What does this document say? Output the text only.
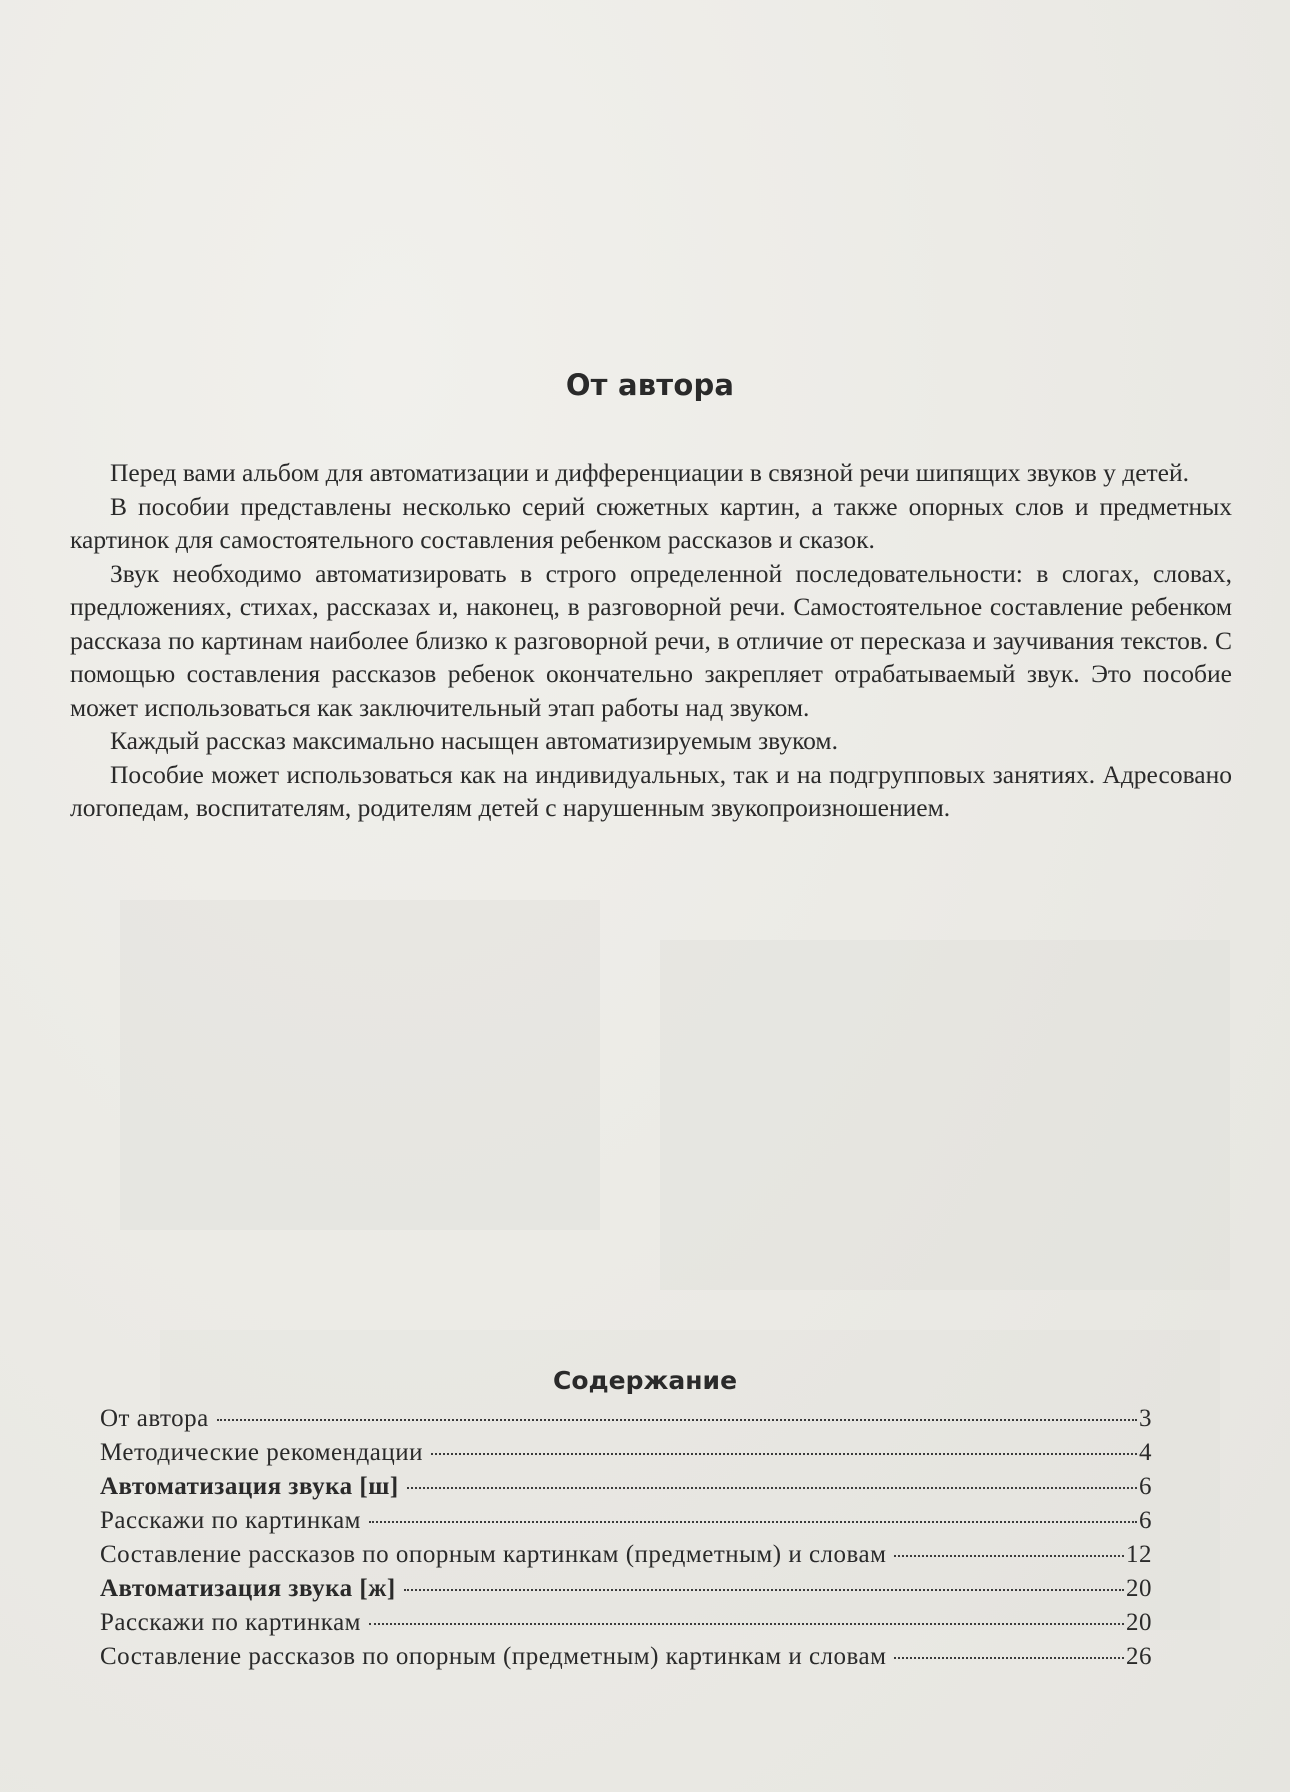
От автора

Перед вами альбом для автоматизации и дифференциации в связной речи шипящих звуков у детей.

В пособии представлены несколько серий сюжетных картин, а также опорных слов и предметных картинок для самостоятельного составления ребенком рассказов и сказок.

Звук необходимо автоматизировать в строго определенной последовательности: в слогах, словах, предложениях, стихах, рассказах и, наконец, в разговорной речи. Самостоятельное составление ребенком рассказа по картинам наиболее близко к разговорной речи, в отличие от пересказа и заучивания текстов. С помощью составления рассказов ребенок окончательно закрепляет отрабатываемый звук. Это пособие может использоваться как заключительный этап работы над звуком.

Каждый рассказ максимально насыщен автоматизируемым звуком.

Пособие может использоваться как на индивидуальных, так и на подгрупповых занятиях. Адресовано логопедам, воспитателям, родителям детей с нарушенным звукопроизношением.

Содержание
От автора	3
Методические рекомендации	4
Автоматизация звука [ш]	6
Расскажи по картинкам	6
Составление рассказов по опорным картинкам (предметным) и словам	12
Автоматизация звука [ж]	20
Расскажи по картинкам	20
Составление рассказов по опорным (предметным) картинкам и словам	26
